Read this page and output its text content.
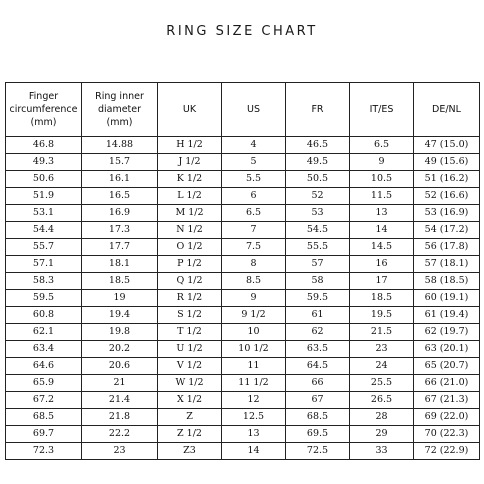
RING SIZE CHART
Finger
circumference
(mm)	Ring inner
diameter
(mm)	UK	US	FR	IT/ES	DE/NL
46.8	14.88	H 1/2	4	46.5	6.5	47 (15.0)
49.3	15.7	J 1/2	5	49.5	9	49 (15.6)
50.6	16.1	K 1/2	5.5	50.5	10.5	51 (16.2)
51.9	16.5	L 1/2	6	52	11.5	52 (16.6)
53.1	16.9	M 1/2	6.5	53	13	53 (16.9)
54.4	17.3	N 1/2	7	54.5	14	54 (17.2)
55.7	17.7	O 1/2	7.5	55.5	14.5	56 (17.8)
57.1	18.1	P 1/2	8	57	16	57 (18.1)
58.3	18.5	Q 1/2	8.5	58	17	58 (18.5)
59.5	19	R 1/2	9	59.5	18.5	60 (19.1)
60.8	19.4	S 1/2	9 1/2	61	19.5	61 (19.4)
62.1	19.8	T 1/2	10	62	21.5	62 (19.7)
63.4	20.2	U 1/2	10 1/2	63.5	23	63 (20.1)
64.6	20.6	V 1/2	11	64.5	24	65 (20.7)
65.9	21	W 1/2	11 1/2	66	25.5	66 (21.0)
67.2	21.4	X 1/2	12	67	26.5	67 (21.3)
68.5	21.8	Z	12.5	68.5	28	69 (22.0)
69.7	22.2	Z 1/2	13	69.5	29	70 (22.3)
72.3	23	Z3	14	72.5	33	72 (22.9)
